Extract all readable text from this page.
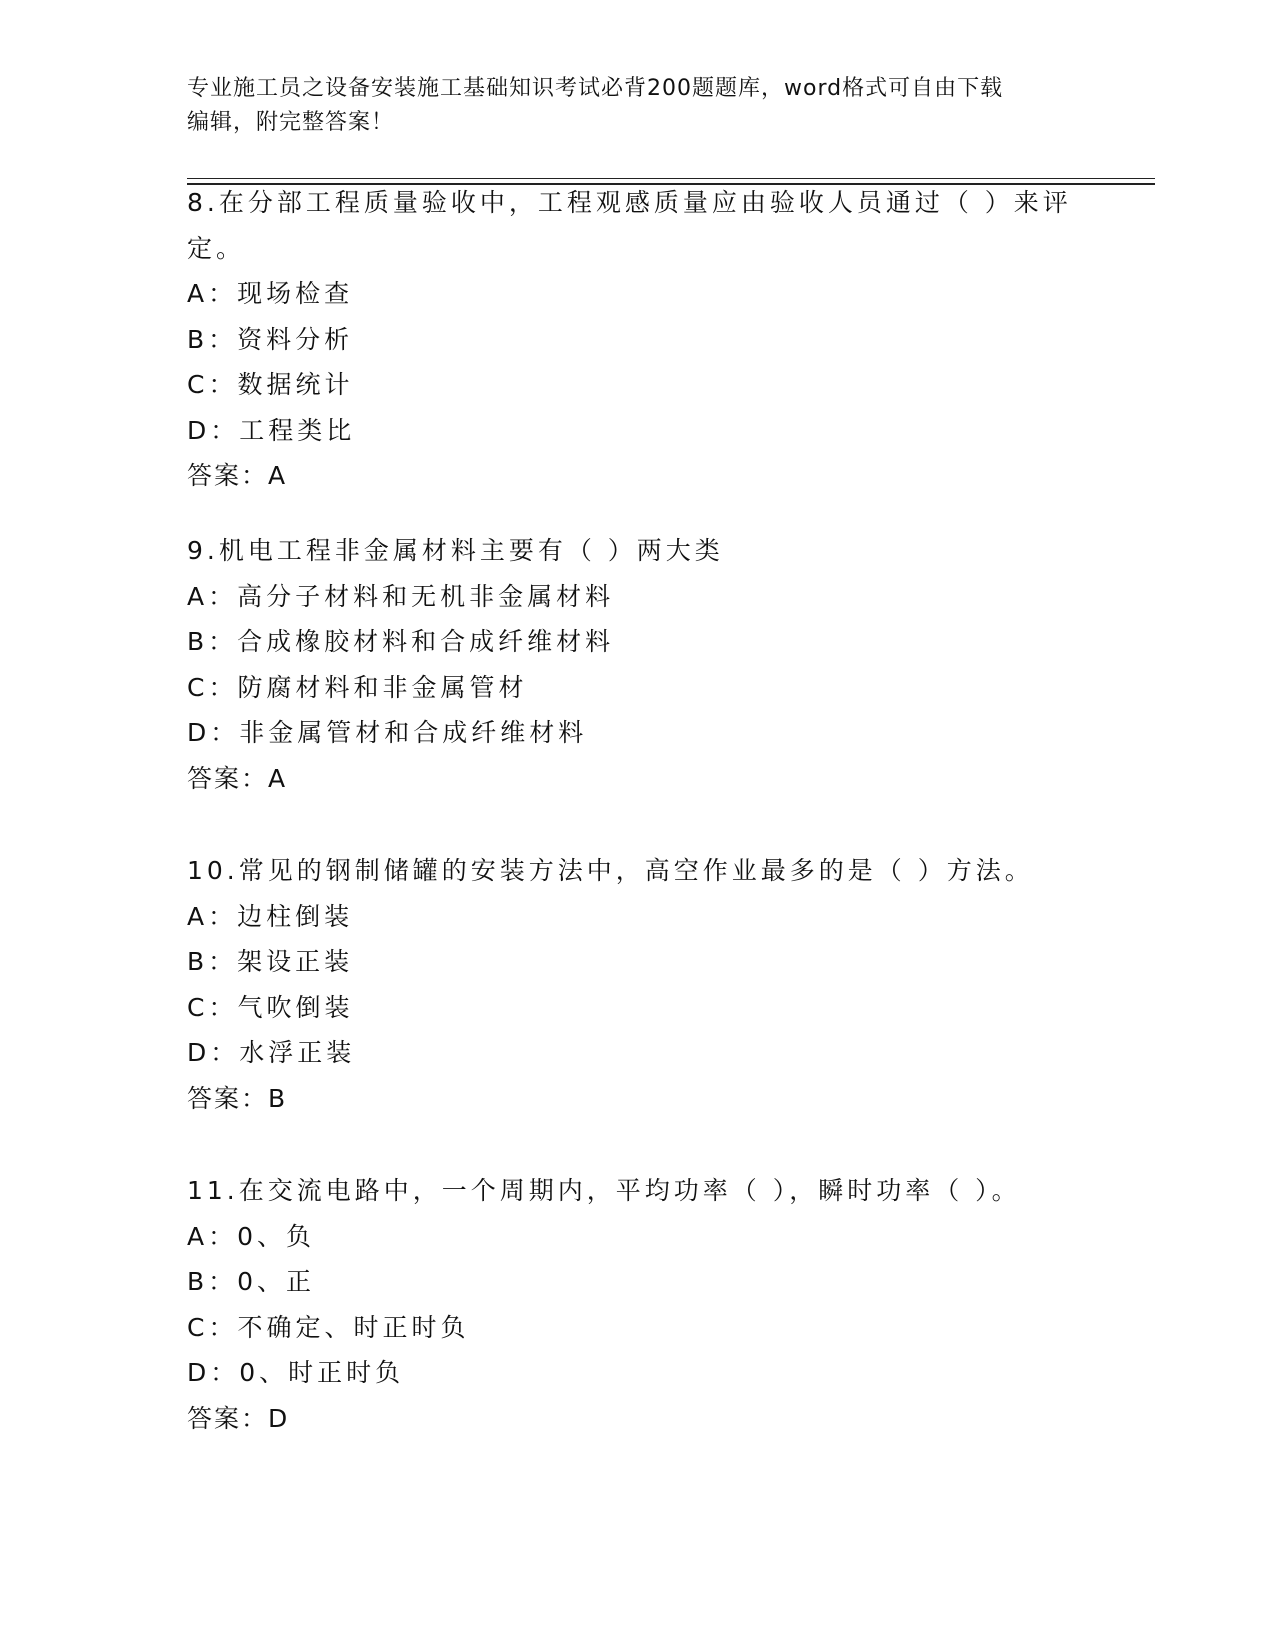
专业施工员之设备安装施工基础知识考试必背200题题库，word格式可自由下载
编辑，附完整答案！
8.在分部工程质量验收中，工程观感质量应由验收人员通过（ ）来评
定。
A：现场检查
B：资料分析
C：数据统计
D：工程类比
答案：A
9.机电工程非金属材料主要有（ ）两大类
A：高分子材料和无机非金属材料
B：合成橡胶材料和合成纤维材料
C：防腐材料和非金属管材
D：非金属管材和合成纤维材料
答案：A
10.常见的钢制储罐的安装方法中，高空作业最多的是（ ）方法。
A：边柱倒装
B：架设正装
C：气吹倒装
D：水浮正装
答案：B
11.在交流电路中，一个周期内，平均功率（ ），瞬时功率（ ）。
A：0、负
B：0、正
C：不确定、时正时负
D：0、时正时负
答案：D
